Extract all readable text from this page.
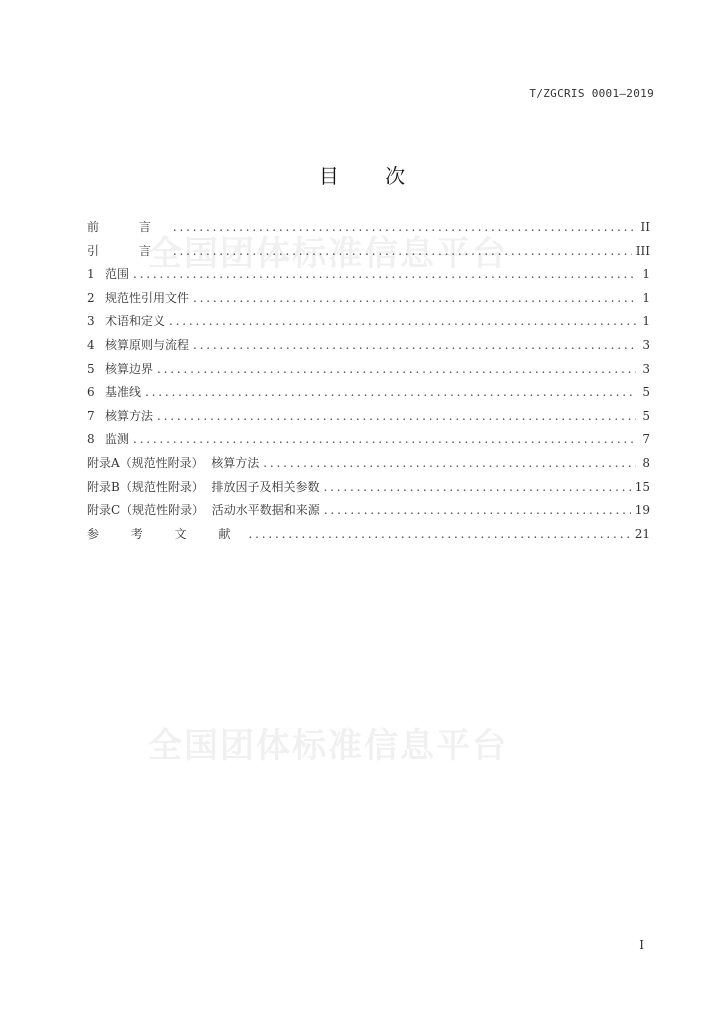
T/ZGCRIS 0001—2019
目 次
全国团体标准信息平台
全国团体标准信息平台
前 言 . . .	II
引 言 . . .	III
1 范围 . . .	1
2 规范性引用文件 . . .	1
3 术语和定义 . . .	1
4 核算原则与流程 . . .	3
5 核算边界 . . .	3
6 基准线 . . .	5
7 核算方法 . . .	5
8 监测 . . .	7
附录A（规范性附录）  核算方法 . . .	8
附录B（规范性附录）  排放因子及相关参数 . . .	15
附录C（规范性附录）  活动水平数据和来源 . . .	19
参 考 文 献 . . .	21
I
